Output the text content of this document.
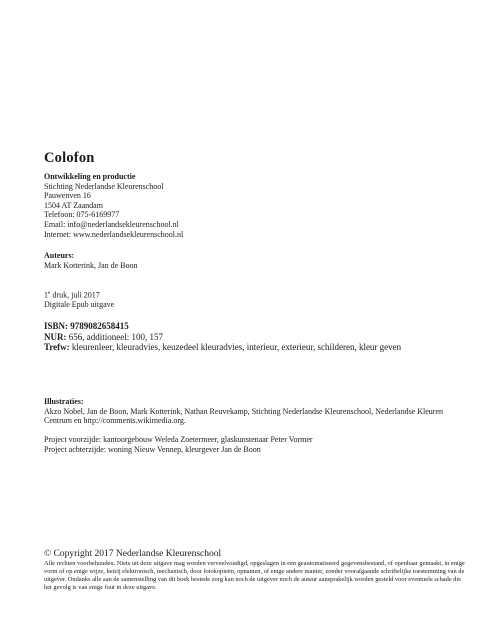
Colofon
Ontwikkeling en productie
Stichting Nederlandse Kleurenschool
Pauwenven 16
1504 AT Zaandam
Telefoon: 075-6169977
Email: info@nederlandsekleurenschool.nl
Internet: www.nederlandsekleurenschool.nl
Auteurs:
Mark Kotterink, Jan de Boon
1e druk, juli 2017
Digitale Epub uitgave
ISBN: 9789082658415
NUR: 656, additioneel: 100, 157
Trefw: kleurenleer, kleuradvies, keuzedeel kleuradvies, interieur, exterieur, schilderen, kleur geven
Illustraties:
Akzo Nobel, Jan de Boon, Mark Kotterink, Nathan Reuvekamp, Stichting Nederlandse Kleurenschool, Nederlandse Kleuren Centrum en http://comments.wikimedia.org.
Project voorzijde: kantoorgebouw Weleda Zoetermeer, glaskunstenaar Peter Vormer
Project achterzijde: woning Nieuw Vennep, kleurgever Jan de Boon
© Copyright 2017 Nederlandse Kleurenschool
Alle rechten voorbehouden. Niets uit deze uitgave mag worden verveelvoudigd, opgeslagen in een geautomatiseerd gegevensbestand, of openbaar gemaakt, in enige vorm of op enige wijze, hetzij elektronisch, mechanisch, door fotokopieën, opnamen, of enige andere manier, zonder voorafgaande schriftelijke toestemming van de uitgever. Ondanks alle aan de samenstelling van dit boek bestede zorg kan noch de uitgever noch de auteur aansprakelijk worden gesteld voor eventuele schade die het gevolg is van enige fout in deze uitgave.
